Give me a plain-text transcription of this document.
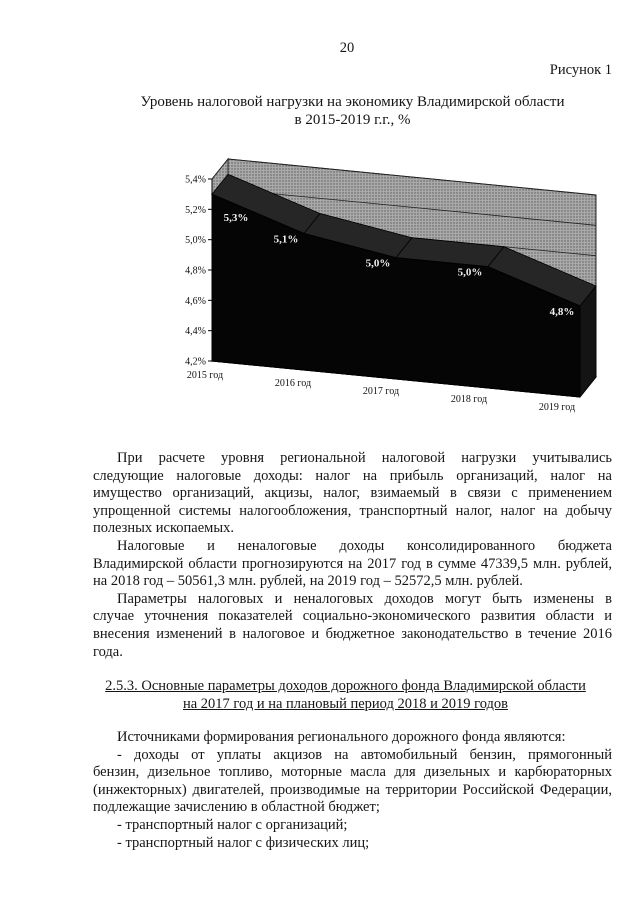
20
Рисунок 1
Уровень налоговой нагрузки на экономику Владимирской области
в 2015-2019 г.г., %
4,2%
4,4%
4,6%
4,8%
5,0%
5,2%
5,4%
5,3%
2015 год
5,1%
2016 год
5,0%
2017 год
5,0%
2018 год
4,8%
2019 год
При расчете уровня региональной налоговой нагрузки учитывались
следующие налоговые доходы: налог на прибыль организаций, налог на
имущество организаций, акцизы, налог, взимаемый в связи с применением
упрощенной системы налогообложения, транспортный налог, налог на добычу
полезных ископаемых.
Налоговые и неналоговые доходы консолидированного бюджета
Владимирской области прогнозируются на 2017 год в сумме 47339,5 млн. рублей,
на 2018 год – 50561,3 млн. рублей, на 2019 год – 52572,5 млн. рублей.
Параметры налоговых и неналоговых доходов могут быть изменены в
случае уточнения показателей социально-экономического развития области и
внесения изменений в налоговое и бюджетное законодательство в течение 2016
года.
2.5.3. Основные параметры доходов дорожного фонда Владимирской области
на 2017 год и на плановый период 2018 и 2019 годов
Источниками формирования регионального дорожного фонда являются:
- доходы от уплаты акцизов на автомобильный бензин, прямогонный
бензин, дизельное топливо, моторные масла для дизельных и карбюраторных
(инжекторных) двигателей, производимые на территории Российской Федерации,
подлежащие зачислению в областной бюджет;
- транспортный налог с организаций;
- транспортный налог с физических лиц;
